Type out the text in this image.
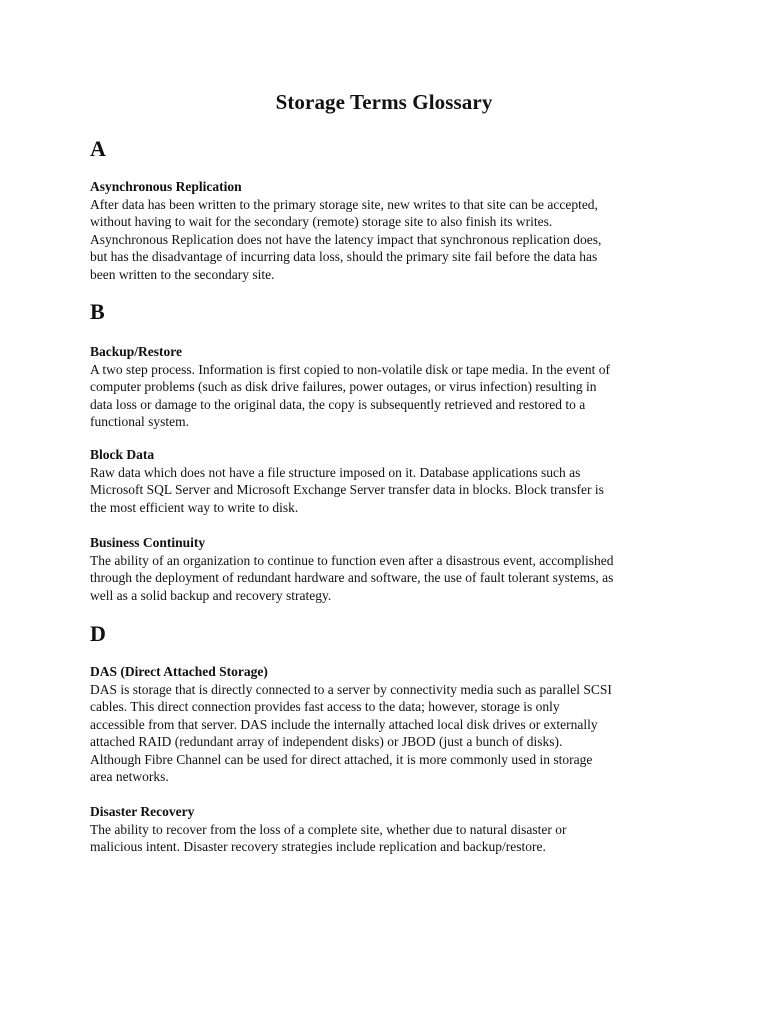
Storage Terms Glossary
A
Asynchronous Replication
After data has been written to the primary storage site, new writes to that site can be accepted,
without having to wait for the secondary (remote) storage site to also finish its writes.
Asynchronous Replication does not have the latency impact that synchronous replication does,
but has the disadvantage of incurring data loss, should the primary site fail before the data has
been written to the secondary site.
B
Backup/Restore
A two step process. Information is first copied to non-volatile disk or tape media. In the event of
computer problems (such as disk drive failures, power outages, or virus infection) resulting in
data loss or damage to the original data, the copy is subsequently retrieved and restored to a
functional system.
Block Data
Raw data which does not have a file structure imposed on it. Database applications such as
Microsoft SQL Server and Microsoft Exchange Server transfer data in blocks. Block transfer is
the most efficient way to write to disk.
Business Continuity
The ability of an organization to continue to function even after a disastrous event, accomplished
through the deployment of redundant hardware and software, the use of fault tolerant systems, as
well as a solid backup and recovery strategy.
D
DAS (Direct Attached Storage)
DAS is storage that is directly connected to a server by connectivity media such as parallel SCSI
cables. This direct connection provides fast access to the data; however, storage is only
accessible from that server. DAS include the internally attached local disk drives or externally
attached RAID (redundant array of independent disks) or JBOD (just a bunch of disks).
Although Fibre Channel can be used for direct attached, it is more commonly used in storage
area networks.
Disaster Recovery
The ability to recover from the loss of a complete site, whether due to natural disaster or
malicious intent. Disaster recovery strategies include replication and backup/restore.
